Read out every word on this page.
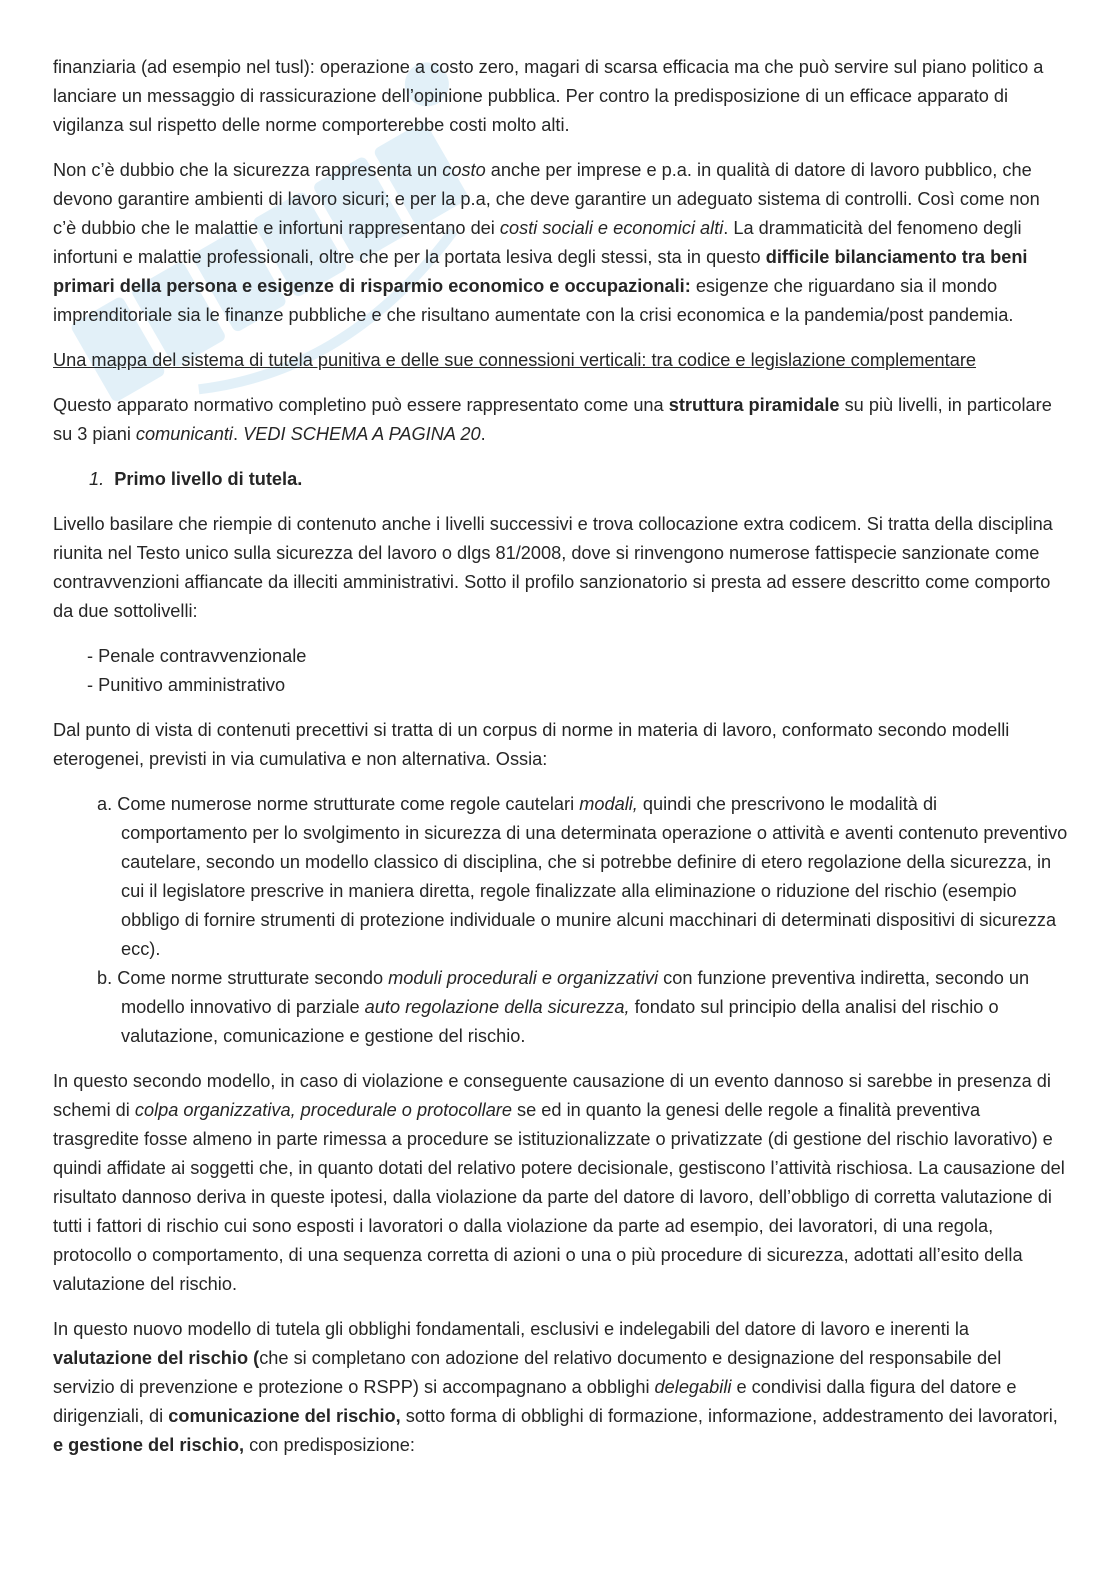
finanziaria (ad esempio nel tusl): operazione a costo zero, magari di scarsa efficacia ma che può servire sul piano politico a lanciare un messaggio di rassicurazione dell’opinione pubblica. Per contro la predisposizione di un efficace apparato di vigilanza sul rispetto delle norme comporterebbe costi molto alti.

Non c’è dubbio che la sicurezza rappresenta un costo anche per imprese e p.a. in qualità di datore di lavoro pubblico, che devono garantire ambienti di lavoro sicuri; e per la p.a, che deve garantire un adeguato sistema di controlli. Così come non c’è dubbio che le malattie e infortuni rappresentano dei costi sociali e economici alti. La drammaticità del fenomeno degli infortuni e malattie professionali, oltre che per la portata lesiva degli stessi, sta in questo difficile bilanciamento tra beni primari della persona e esigenze di risparmio economico e occupazionali: esigenze che riguardano sia il mondo imprenditoriale sia le finanze pubbliche e che risultano aumentate con la crisi economica e la pandemia/post pandemia.

Una mappa del sistema di tutela punitiva e delle sue connessioni verticali: tra codice e legislazione complementare

Questo apparato normativo completino può essere rappresentato come una struttura piramidale su più livelli, in particolare su 3 piani comunicanti. VEDI SCHEMA A PAGINA 20.

1. Primo livello di tutela.

Livello basilare che riempie di contenuto anche i livelli successivi e trova collocazione extra codicem. Si tratta della disciplina riunita nel Testo unico sulla sicurezza del lavoro o dlgs 81/2008, dove si rinvengono numerose fattispecie sanzionate come contravvenzioni affiancate da illeciti amministrativi. Sotto il profilo sanzionatorio si presta ad essere descritto come comporto da due sottolivelli:

- Penale contravvenzionale
- Punitivo amministrativo

Dal punto di vista di contenuti precettivi si tratta di un corpus di norme in materia di lavoro, conformato secondo modelli eterogenei, previsti in via cumulativa e non alternativa. Ossia:

a. Come numerose norme strutturate come regole cautelari modali, quindi che prescrivono le modalità di comportamento per lo svolgimento in sicurezza di una determinata operazione o attività e aventi contenuto preventivo cautelare, secondo un modello classico di disciplina, che si potrebbe definire di etero regolazione della sicurezza, in cui il legislatore prescrive in maniera diretta, regole finalizzate alla eliminazione o riduzione del rischio (esempio obbligo di fornire strumenti di protezione individuale o munire alcuni macchinari di determinati dispositivi di sicurezza ecc).
b. Come norme strutturate secondo moduli procedurali e organizzativi con funzione preventiva indiretta, secondo un modello innovativo di parziale auto regolazione della sicurezza, fondato sul principio della analisi del rischio o valutazione, comunicazione e gestione del rischio.

In questo secondo modello, in caso di violazione e conseguente causazione di un evento dannoso si sarebbe in presenza di schemi di colpa organizzativa, procedurale o protocollare se ed in quanto la genesi delle regole a finalità preventiva trasgredite fosse almeno in parte rimessa a procedure se istituzionalizzate o privatizzate (di gestione del rischio lavorativo) e quindi affidate ai soggetti che, in quanto dotati del relativo potere decisionale, gestiscono l’attività rischiosa. La causazione del risultato dannoso deriva in queste ipotesi, dalla violazione da parte del datore di lavoro, dell’obbligo di corretta valutazione di tutti i fattori di rischio cui sono esposti i lavoratori o dalla violazione da parte ad esempio, dei lavoratori, di una regola, protocollo o comportamento, di una sequenza corretta di azioni o una o più procedure di sicurezza, adottati all’esito della valutazione del rischio.

In questo nuovo modello di tutela gli obblighi fondamentali, esclusivi e indelegabili del datore di lavoro e inerenti la valutazione del rischio (che si completano con adozione del relativo documento e designazione del responsabile del servizio di prevenzione e protezione o RSPP) si accompagnano a obblighi delegabili e condivisi dalla figura del datore e dirigenziali, di comunicazione del rischio, sotto forma di obblighi di formazione, informazione, addestramento dei lavoratori, e gestione del rischio, con predisposizione:
